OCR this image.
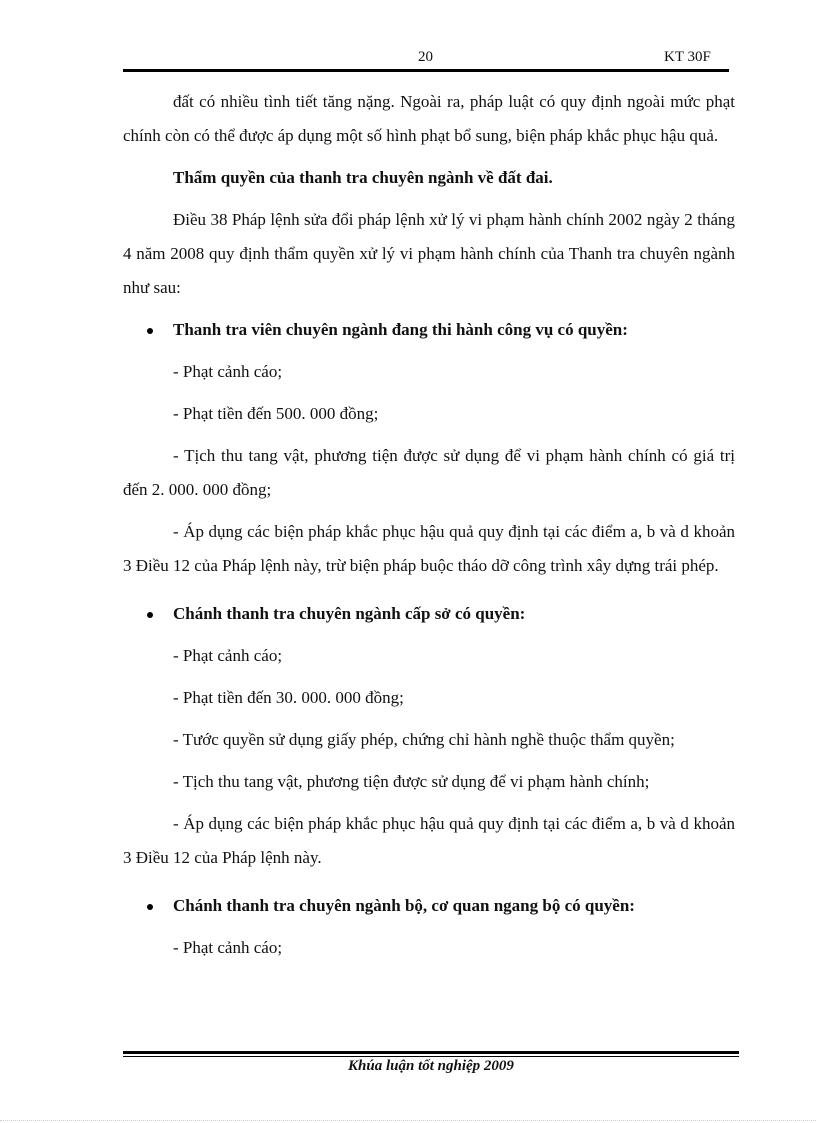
20	KT 30F

đất có nhiều tình tiết tăng nặng. Ngoài ra, pháp luật có quy định ngoài mức phạt chính còn có thể được áp dụng một số hình phạt bổ sung, biện pháp khắc phục hậu quả.

Thẩm quyền của thanh tra chuyên ngành về đất đai.

Điều 38 Pháp lệnh sửa đổi pháp lệnh xử lý vi phạm hành chính 2002 ngày 2 tháng 4 năm 2008 quy định thẩm quyền xử lý vi phạm hành chính của Thanh tra chuyên ngành như sau:

Thanh tra viên chuyên ngành đang thi hành công vụ có quyền:

- Phạt cảnh cáo;

- Phạt tiền đến 500. 000 đồng;

- Tịch thu tang vật, phương tiện được sử dụng để vi phạm hành chính có giá trị đến 2. 000. 000 đồng;

- Áp dụng các biện pháp khắc phục hậu quả quy định tại các điểm a, b và d khoản 3 Điều 12 của Pháp lệnh này, trừ biện pháp buộc tháo dỡ công trình xây dựng trái phép.

Chánh thanh tra chuyên ngành cấp sở có quyền:

- Phạt cảnh cáo;

- Phạt tiền đến 30. 000. 000 đồng;

- Tước quyền sử dụng giấy phép, chứng chỉ hành nghề thuộc thẩm quyền;

- Tịch thu tang vật, phương tiện được sử dụng để vi phạm hành chính;

- Áp dụng các biện pháp khắc phục hậu quả quy định tại các điểm a, b và d khoản 3 Điều 12 của Pháp lệnh này.

Chánh thanh tra chuyên ngành bộ, cơ quan ngang bộ có quyền:

- Phạt cảnh cáo;

Khúa luận tốt nghiệp 2009
